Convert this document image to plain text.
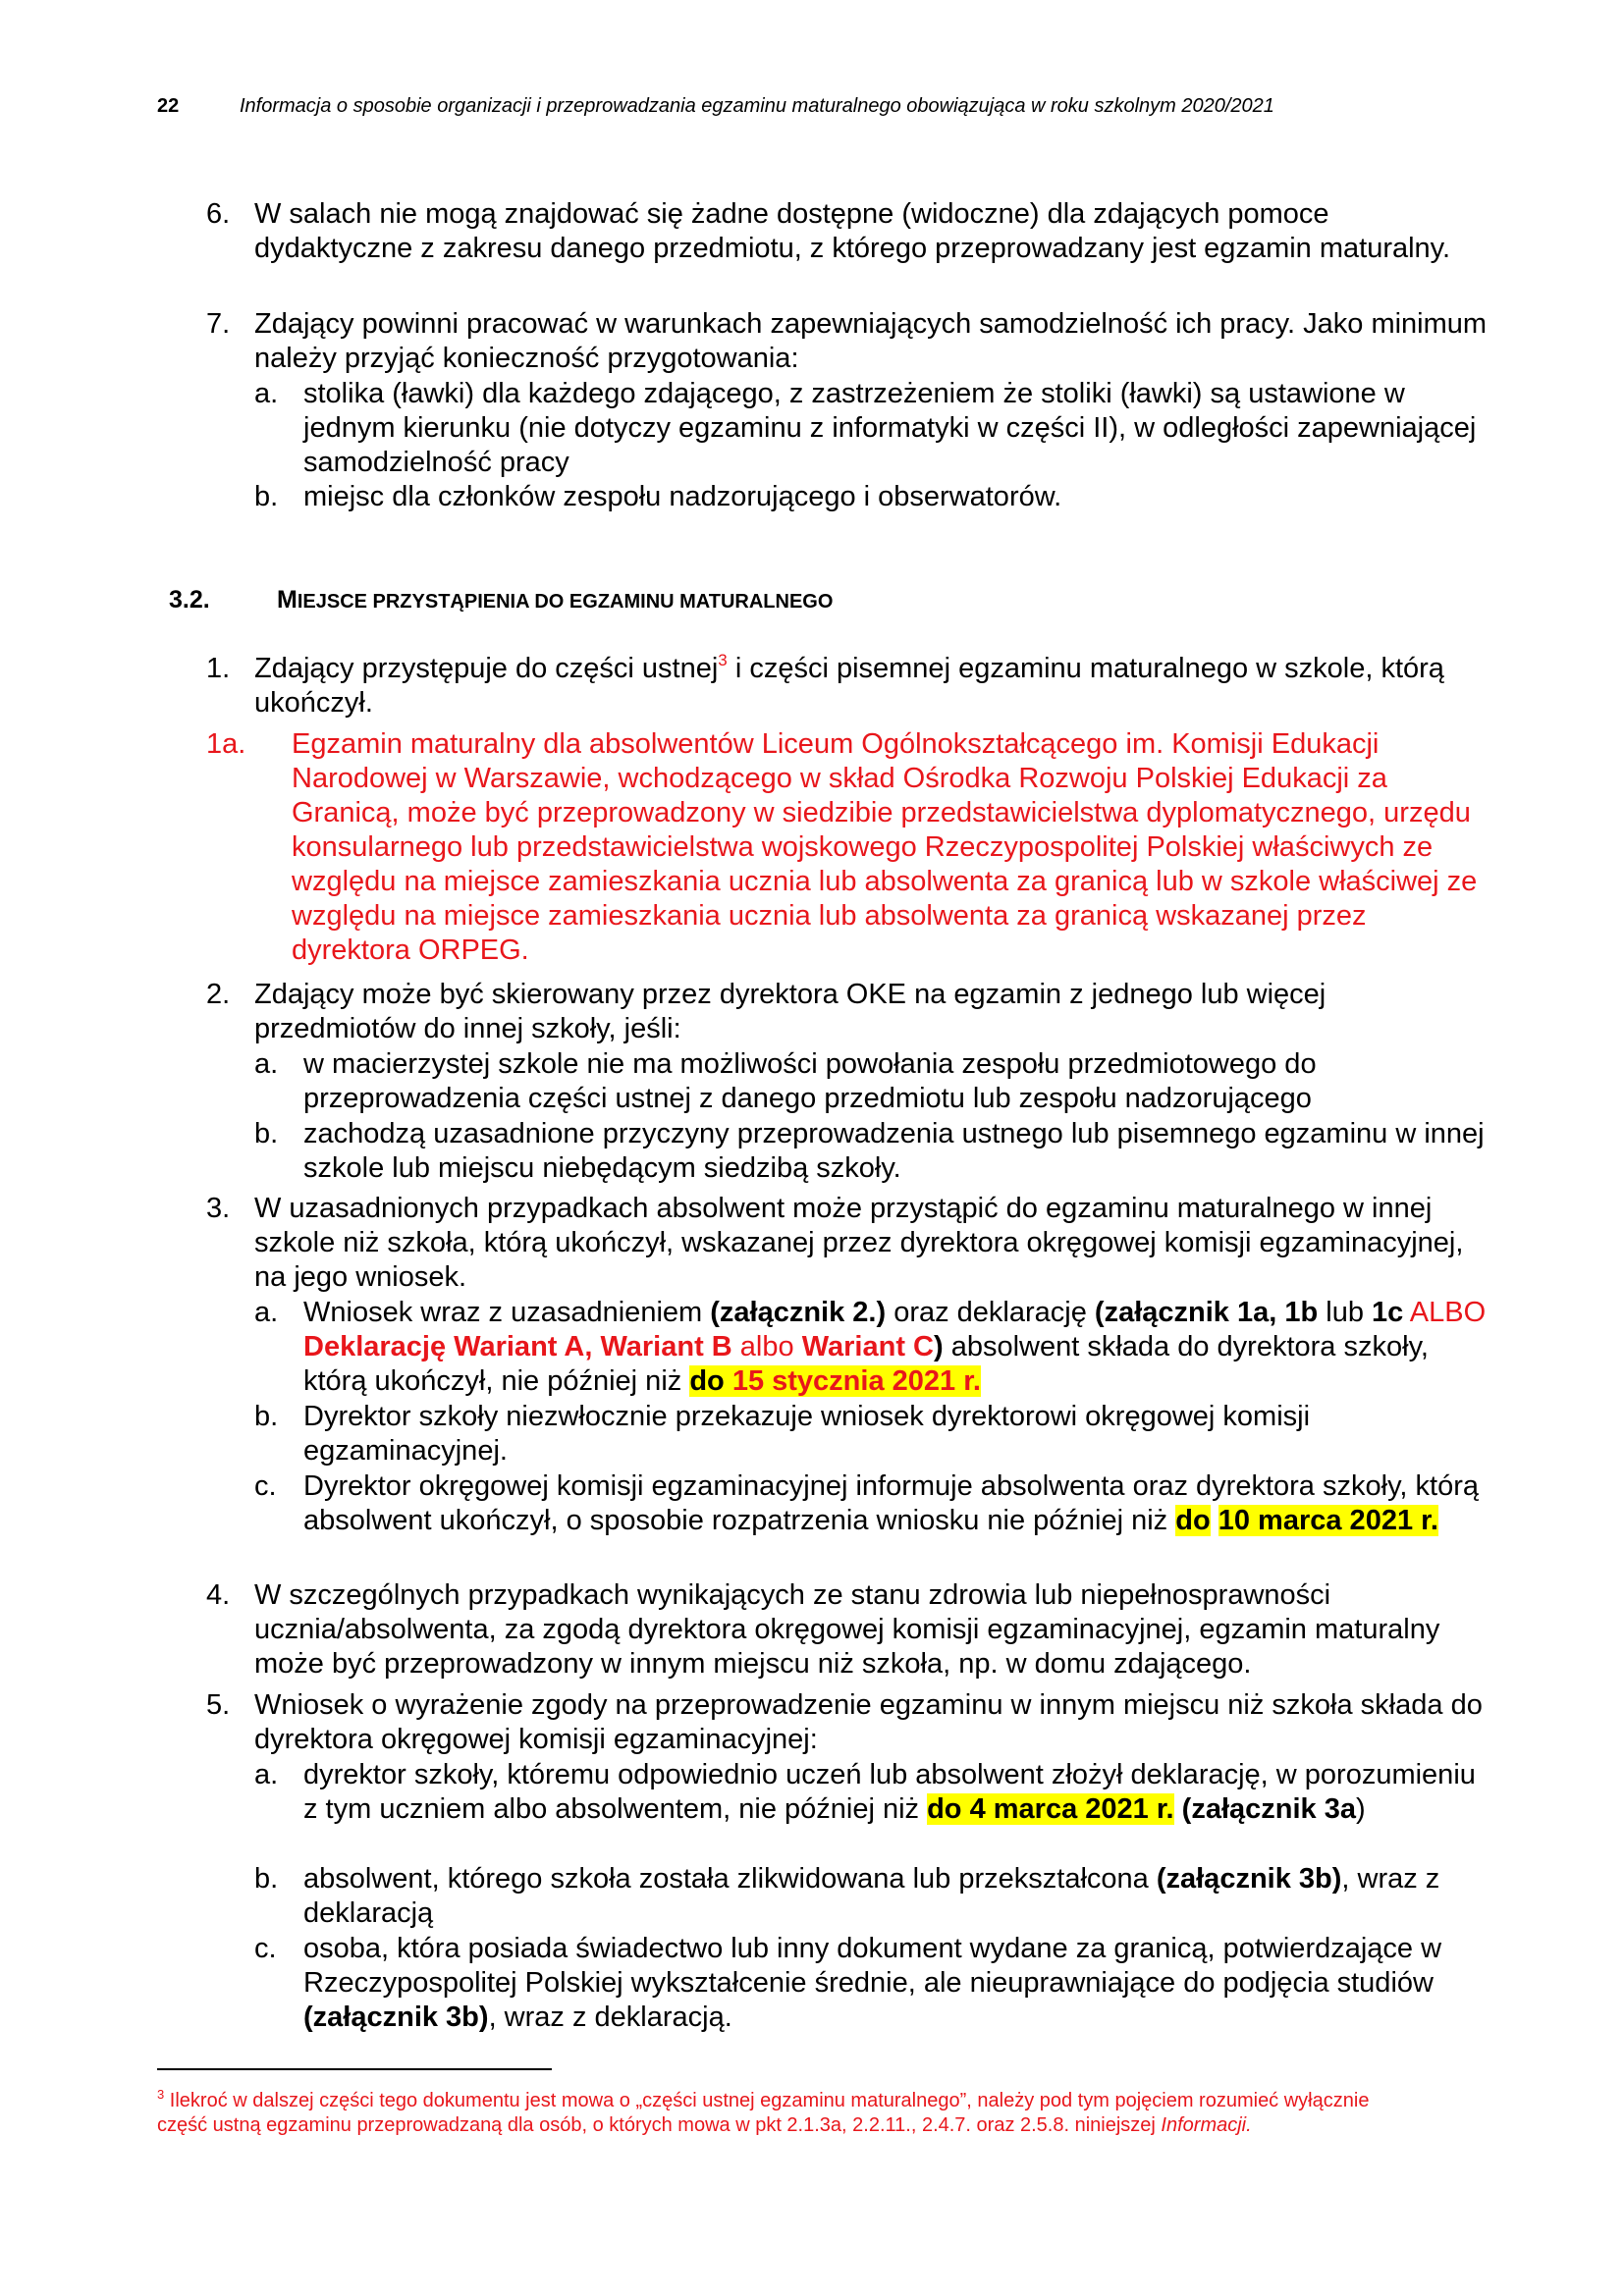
22	Informacja o sposobie organizacji i przeprowadzania egzaminu maturalnego obowiązująca w roku szkolnym 2020/2021
6. W salach nie mogą znajdować się żadne dostępne (widoczne) dla zdających pomoce dydaktyczne z zakresu danego przedmiotu, z którego przeprowadzany jest egzamin maturalny.
7. Zdający powinni pracować w warunkach zapewniających samodzielność ich pracy. Jako minimum należy przyjąć konieczność przygotowania:
a. stolika (ławki) dla każdego zdającego, z zastrzeżeniem że stoliki (ławki) są ustawione w jednym kierunku (nie dotyczy egzaminu z informatyki w części II), w odległości zapewniającej samodzielność pracy
b. miejsc dla członków zespołu nadzorującego i obserwatorów.
3.2.	MIEJSCE PRZYSTĄPIENIA DO EGZAMINU MATURALNEGO
1. Zdający przystępuje do części ustnej$^3$ i części pisemnej egzaminu maturalnego w szkole, którą ukończył.
1a. Egzamin maturalny dla absolwentów Liceum Ogólnokształcącego im. Komisji Edukacji Narodowej w Warszawie, wchodzącego w skład Ośrodka Rozwoju Polskiej Edukacji za Granicą, może być przeprowadzony w siedzibie przedstawicielstwa dyplomatycznego, urzędu konsularnego lub przedstawicielstwa wojskowego Rzeczypospolitej Polskiej właściwych ze względu na miejsce zamieszkania ucznia lub absolwenta za granicą lub w szkole właściwej ze względu na miejsce zamieszkania ucznia lub absolwenta za granicą wskazanej przez dyrektora ORPEG.
2. Zdający może być skierowany przez dyrektora OKE na egzamin z jednego lub więcej przedmiotów do innej szkoły, jeśli:
a. w macierzystej szkole nie ma możliwości powołania zespołu przedmiotowego do przeprowadzenia części ustnej z danego przedmiotu lub zespołu nadzorującego
b. zachodzą uzasadnione przyczyny przeprowadzenia ustnego lub pisemnego egzaminu w innej szkole lub miejscu niebędącym siedzibą szkoły.
3. W uzasadnionych przypadkach absolwent może przystąpić do egzaminu maturalnego w innej szkole niż szkoła, którą ukończył, wskazanej przez dyrektora okręgowej komisji egzaminacyjnej, na jego wniosek.
a. Wniosek wraz z uzasadnieniem (załącznik 2.) oraz deklarację (załącznik 1a, 1b lub 1c ALBO Deklarację Wariant A, Wariant B albo Wariant C) absolwent składa do dyrektora szkoły, którą ukończył, nie później niż do 15 stycznia 2021 r.
b. Dyrektor szkoły niezwłocznie przekazuje wniosek dyrektorowi okręgowej komisji egzaminacyjnej.
c. Dyrektor okręgowej komisji egzaminacyjnej informuje absolwenta oraz dyrektora szkoły, którą absolwent ukończył, o sposobie rozpatrzenia wniosku nie później niż do 10 marca 2021 r.
4. W szczególnych przypadkach wynikających ze stanu zdrowia lub niepełnosprawności ucznia/absolwenta, za zgodą dyrektora okręgowej komisji egzaminacyjnej, egzamin maturalny może być przeprowadzony w innym miejscu niż szkoła, np. w domu zdającego.
5. Wniosek o wyrażenie zgody na przeprowadzenie egzaminu w innym miejscu niż szkoła składa do dyrektora okręgowej komisji egzaminacyjnej:
a. dyrektor szkoły, któremu odpowiednio uczeń lub absolwent złożył deklarację, w porozumieniu z tym uczniem albo absolwentem, nie później niż do 4 marca 2021 r. (załącznik 3a)
b. absolwent, którego szkoła została zlikwidowana lub przekształcona (załącznik 3b), wraz z deklaracją
c. osoba, która posiada świadectwo lub inny dokument wydane za granicą, potwierdzające w Rzeczypospolitej Polskiej wykształcenie średnie, ale nieuprawniające do podjęcia studiów (załącznik 3b), wraz z deklaracją.
$^3$ Ilekroć w dalszej części tego dokumentu jest mowa o „części ustnej egzaminu maturalnego”, należy pod tym pojęciem rozumieć wyłącznie część ustną egzaminu przeprowadzaną dla osób, o których mowa w pkt 2.1.3a, 2.2.11., 2.4.7. oraz 2.5.8. niniejszej Informacji.
